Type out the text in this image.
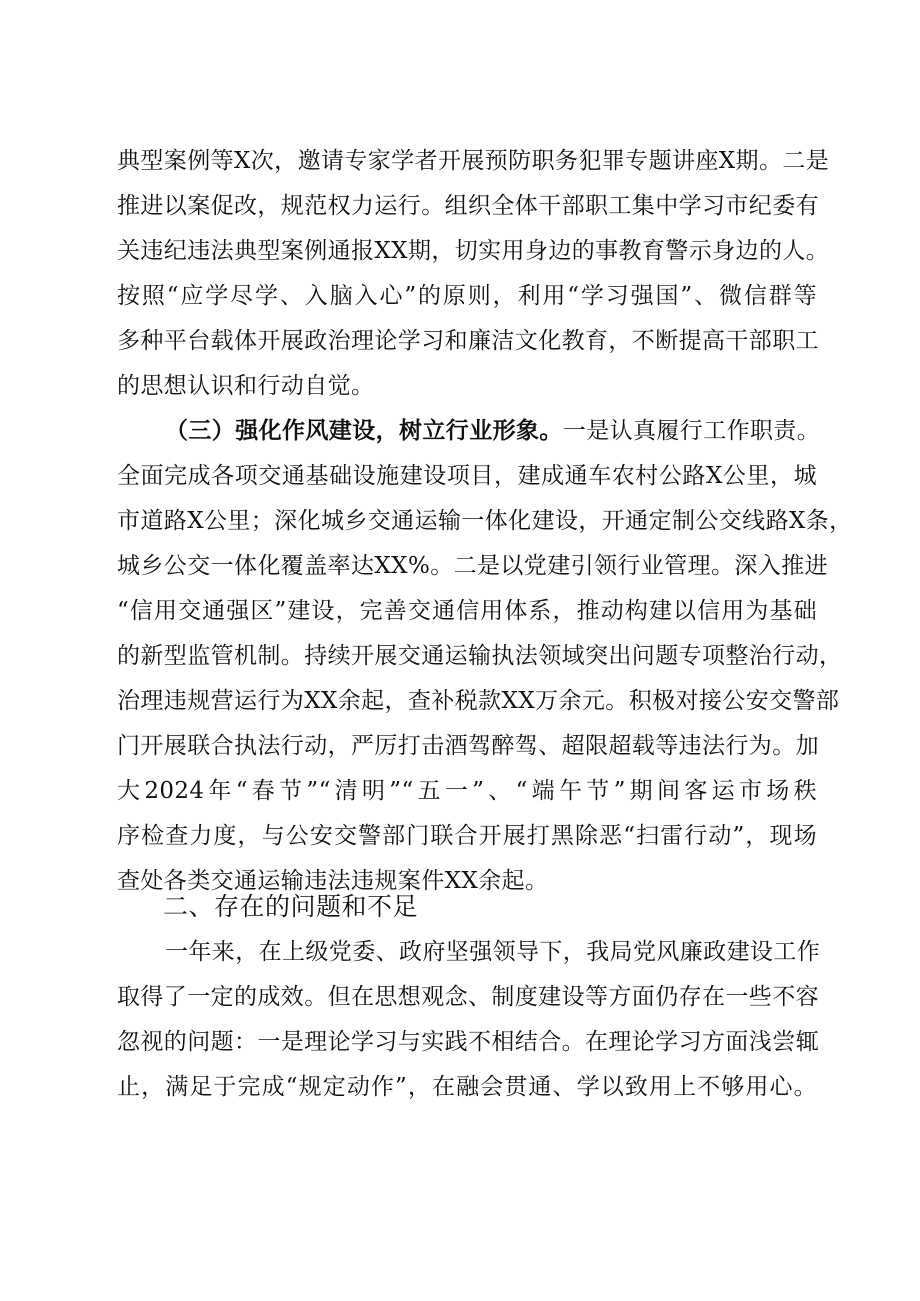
典型案例等X次，邀请专家学者开展预防职务犯罪专题讲座X期。二是
推进以案促改，规范权力运行。组织全体干部职工集中学习市纪委有
关违纪违法典型案例通报XX期，切实用身边的事教育警示身边的人。
按照“应学尽学、入脑入心”的原则，利用“学习强国”、微信群等
多种平台载体开展政治理论学习和廉洁文化教育，不断提高干部职工
的思想认识和行动自觉。
（三）强化作风建设，树立行业形象。一是认真履行工作职责。
全面完成各项交通基础设施建设项目，建成通车农村公路X公里，城
市道路X公里；深化城乡交通运输一体化建设，开通定制公交线路X条，
城乡公交一体化覆盖率达XX%。二是以党建引领行业管理。深入推进
“信用交通强区”建设，完善交通信用体系，推动构建以信用为基础
的新型监管机制。持续开展交通运输执法领域突出问题专项整治行动，
治理违规营运行为XX余起，查补税款XX万余元。积极对接公安交警部
门开展联合执法行动，严厉打击酒驾醉驾、超限超载等违法行为。加
大2024年“春节”“清明”“五一”、“端午节”期间客运市场秩
序检查力度，与公安交警部门联合开展打黑除恶“扫雷行动”，现场
查处各类交通运输违法违规案件XX余起。
二、存在的问题和不足
一年来，在上级党委、政府坚强领导下，我局党风廉政建设工作
取得了一定的成效。但在思想观念、制度建设等方面仍存在一些不容
忽视的问题：一是理论学习与实践不相结合。在理论学习方面浅尝辄
止，满足于完成“规定动作”，在融会贯通、学以致用上不够用心。
